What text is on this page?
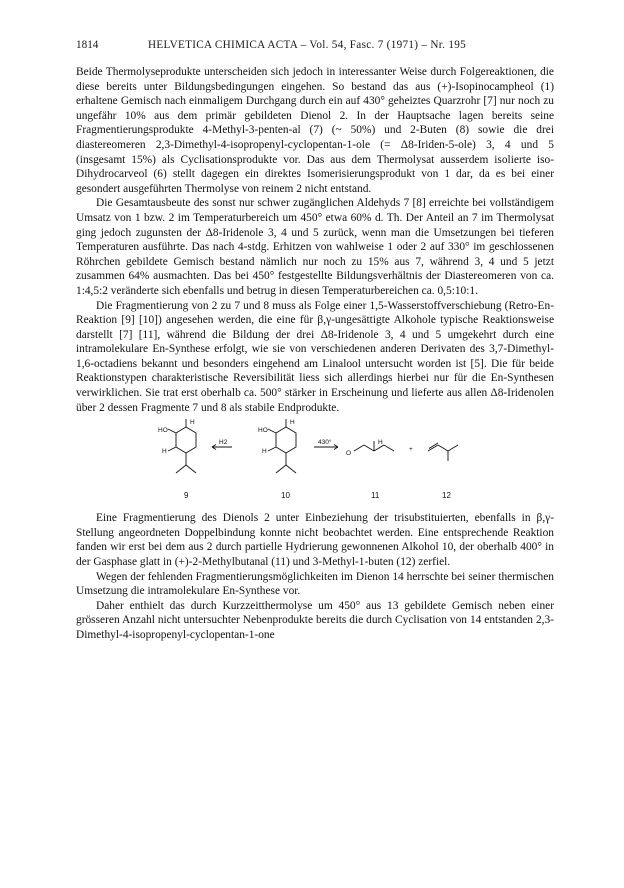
1814	HELVETICA CHIMICA ACTA – Vol. 54, Fasc. 7 (1971) – Nr. 195

Beide Thermolyseprodukte unterscheiden sich jedoch in interessanter Weise durch Folgereaktionen, die diese bereits unter Bildungsbedingungen eingehen. So bestand das aus (+)-Isopinocampheol (1) erhaltene Gemisch nach einmaligem Durchgang durch ein auf 430° geheiztes Quarzrohr [7] nur noch zu ungefähr 10% aus dem primär gebildeten Dienol 2. In der Hauptsache lagen bereits seine Fragmentierungsprodukte 4-Methyl-3-penten-al (7) (~ 50%) und 2-Buten (8) sowie die drei diastereomeren 2,3-Dimethyl-4-isopropenyl-cyclopentan-1-ole (= Δ8-Iriden-5-ole) 3, 4 und 5 (insgesamt 15%) als Cyclisationsprodukte vor. Das aus dem Thermolysat ausserdem isolierte iso-Dihydrocarveol (6) stellt dagegen ein direktes Isomerisierungsprodukt von 1 dar, da es bei einer gesondert ausgeführten Thermolyse von reinem 2 nicht entstand.

Die Gesamtausbeute des sonst nur schwer zugänglichen Aldehyds 7 [8] erreichte bei vollständigem Umsatz von 1 bzw. 2 im Temperaturbereich um 450° etwa 60% d. Th. Der Anteil an 7 im Thermolysat ging jedoch zugunsten der Δ8-Iridenole 3, 4 und 5 zurück, wenn man die Umsetzungen bei tieferen Temperaturen ausführte. Das nach 4-stdg. Erhitzen von wahlweise 1 oder 2 auf 330° im geschlossenen Röhrchen gebildete Gemisch bestand nämlich nur noch zu 15% aus 7, während 3, 4 und 5 jetzt zusammen 64% ausmachten. Das bei 450° festgestellte Bildungsverhältnis der Diastereomeren von ca. 1:4,5:2 veränderte sich ebenfalls und betrug in diesen Temperaturbereichen ca. 0,5:10:1.

Die Fragmentierung von 2 zu 7 und 8 muss als Folge einer 1,5-Wasserstoffverschiebung (Retro-En-Reaktion [9] [10]) angesehen werden, die eine für β,γ-ungesättigte Alkohole typische Reaktionsweise darstellt [7] [11], während die Bildung der drei Δ8-Iridenole 3, 4 und 5 umgekehrt durch eine intramolekulare En-Synthese erfolgt, wie sie von verschiedenen anderen Derivaten des 3,7-Dimethyl-1,6-octadiens bekannt und besonders eingehend am Linalool untersucht worden ist [5]. Die für beide Reaktionstypen charakteristische Reversibilität liess sich allerdings hierbei nur für die En-Synthesen verwirklichen. Sie trat erst oberhalb ca. 500° stärker in Erscheinung und lieferte aus allen Δ8-Iridenolen über 2 dessen Fragmente 7 und 8 als stabile Endprodukte.

HO
H
H
H2
HO
H
H
430°
O
H
+
9	10	11	12

Eine Fragmentierung des Dienols 2 unter Einbeziehung der trisubstituierten, ebenfalls in β,γ-Stellung angeordneten Doppelbindung konnte nicht beobachtet werden. Eine entsprechende Reaktion fanden wir erst bei dem aus 2 durch partielle Hydrierung gewonnenen Alkohol 10, der oberhalb 400° in der Gasphase glatt in (+)-2-Methylbutanal (11) und 3-Methyl-1-buten (12) zerfiel.

Wegen der fehlenden Fragmentierungsmöglichkeiten im Dienon 14 herrschte bei seiner thermischen Umsetzung die intramolekulare En-Synthese vor.

Daher enthielt das durch Kurzzeitthermolyse um 450° aus 13 gebildete Gemisch neben einer grösseren Anzahl nicht untersuchter Nebenprodukte bereits die durch Cyclisation von 14 entstanden 2,3-Dimethyl-4-isopropenyl-cyclopentan-1-one
